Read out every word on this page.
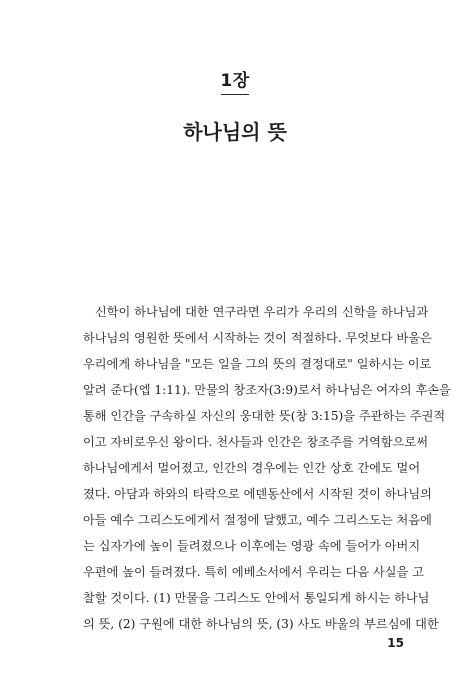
1장
하나님의 뜻
신학이 하나님에 대한 연구라면 우리가 우리의 신학을 하나님과
하나님의 영원한 뜻에서 시작하는 것이 적절하다. 무엇보다 바울은
우리에게 하나님을 "모든 일을 그의 뜻의 결정대로" 일하시는 이로
알려 준다(엡 1:11). 만물의 창조자(3:9)로서 하나님은 여자의 후손을
통해 인간을 구속하실 자신의 웅대한 뜻(창 3:15)을 주관하는 주권적
이고 자비로우신 왕이다. 천사들과 인간은 창조주를 거역함으로써
하나님에게서 멀어졌고, 인간의 경우에는 인간 상호 간에도 멀어
졌다. 아담과 하와의 타락으로 에덴동산에서 시작된 것이 하나님의
아들 예수 그리스도에게서 절정에 달했고, 예수 그리스도는 처음에
는 십자가에 높이 들려졌으나 이후에는 영광 속에 들어가 아버지
우편에 높이 들려졌다. 특히 에베소서에서 우리는 다음 사실을 고
찰할 것이다. (1) 만물을 그리스도 안에서 통일되게 하시는 하나님
의 뜻, (2) 구원에 대한 하나님의 뜻, (3) 사도 바울의 부르심에 대한
15
